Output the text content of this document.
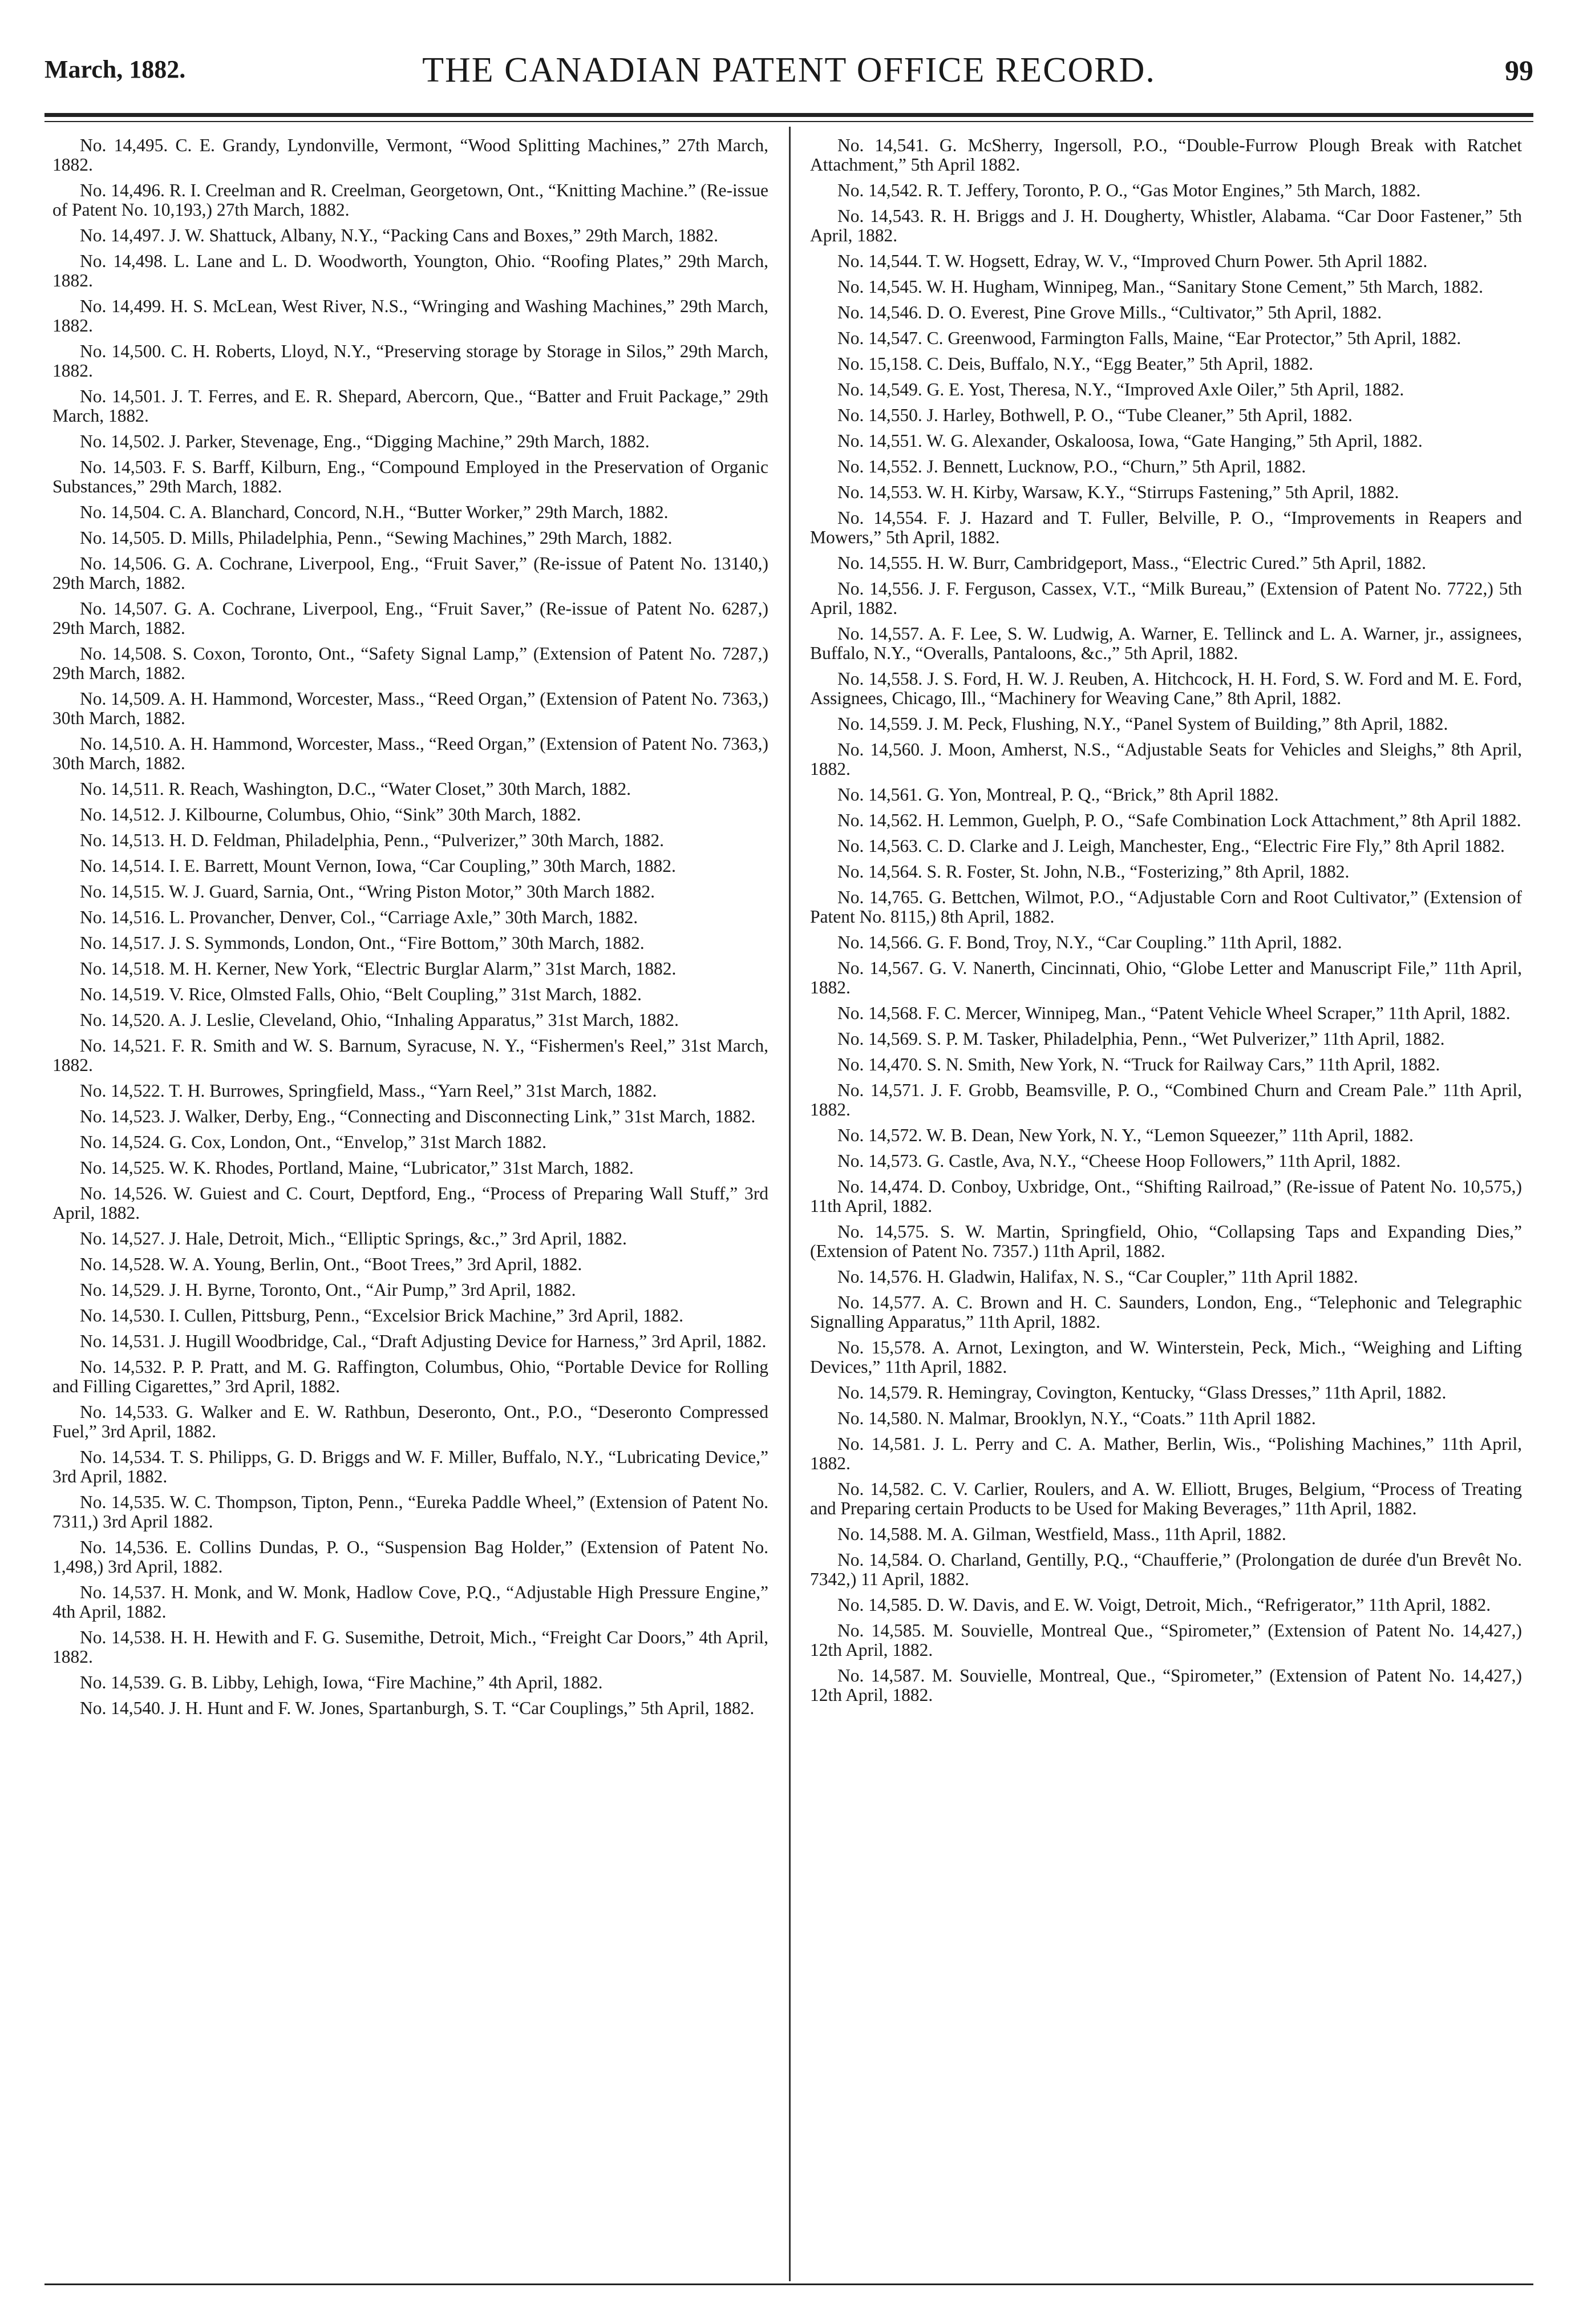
March, 1882.	THE CANADIAN PATENT OFFICE RECORD.	99

No. 14,495. C. E. Grandy, Lyndonville, Vermont, “Wood Splitting Machines,” 27th March, 1882.

No. 14,496. R. I. Creelman and R. Creelman, Georgetown, Ont., “Knitting Machine.” (Re-issue of Patent No. 10,193,) 27th March, 1882.

No. 14,497. J. W. Shattuck, Albany, N.Y., “Packing Cans and Boxes,” 29th March, 1882.

No. 14,498. L. Lane and L. D. Woodworth, Youngton, Ohio. “Roofing Plates,” 29th March, 1882.

No. 14,499. H. S. McLean, West River, N.S., “Wringing and Washing Machines,” 29th March, 1882.

No. 14,500. C. H. Roberts, Lloyd, N.Y., “Preserving storage by Storage in Silos,” 29th March, 1882.

No. 14,501. J. T. Ferres, and E. R. Shepard, Abercorn, Que., “Batter and Fruit Package,” 29th March, 1882.

No. 14,502. J. Parker, Stevenage, Eng., “Digging Machine,” 29th March, 1882.

No. 14,503. F. S. Barff, Kilburn, Eng., “Compound Employed in the Preservation of Organic Substances,” 29th March, 1882.

No. 14,504. C. A. Blanchard, Concord, N.H., “Butter Worker,” 29th March, 1882.

No. 14,505. D. Mills, Philadelphia, Penn., “Sewing Machines,” 29th March, 1882.

No. 14,506. G. A. Cochrane, Liverpool, Eng., “Fruit Saver,” (Re-issue of Patent No. 13140,) 29th March, 1882.

No. 14,507. G. A. Cochrane, Liverpool, Eng., “Fruit Saver,” (Re-issue of Patent No. 6287,) 29th March, 1882.

No. 14,508. S. Coxon, Toronto, Ont., “Safety Signal Lamp,” (Extension of Patent No. 7287,) 29th March, 1882.

No. 14,509. A. H. Hammond, Worcester, Mass., “Reed Organ,” (Extension of Patent No. 7363,) 30th March, 1882.

No. 14,510. A. H. Hammond, Worcester, Mass., “Reed Organ,” (Extension of Patent No. 7363,) 30th March, 1882.

No. 14,511. R. Reach, Washington, D.C., “Water Closet,” 30th March, 1882.

No. 14,512. J. Kilbourne, Columbus, Ohio, “Sink” 30th March, 1882.

No. 14,513. H. D. Feldman, Philadelphia, Penn., “Pulverizer,” 30th March, 1882.

No. 14,514. I. E. Barrett, Mount Vernon, Iowa, “Car Coupling,” 30th March, 1882.

No. 14,515. W. J. Guard, Sarnia, Ont., “Wring Piston Motor,” 30th March 1882.

No. 14,516. L. Provancher, Denver, Col., “Carriage Axle,” 30th March, 1882.

No. 14,517. J. S. Symmonds, London, Ont., “Fire Bottom,” 30th March, 1882.

No. 14,518. M. H. Kerner, New York, “Electric Burglar Alarm,” 31st March, 1882.

No. 14,519. V. Rice, Olmsted Falls, Ohio, “Belt Coupling,” 31st March, 1882.

No. 14,520. A. J. Leslie, Cleveland, Ohio, “Inhaling Apparatus,” 31st March, 1882.

No. 14,521. F. R. Smith and W. S. Barnum, Syracuse, N. Y., “Fishermen's Reel,” 31st March, 1882.

No. 14,522. T. H. Burrowes, Springfield, Mass., “Yarn Reel,” 31st March, 1882.

No. 14,523. J. Walker, Derby, Eng., “Connecting and Disconnecting Link,” 31st March, 1882.

No. 14,524. G. Cox, London, Ont., “Envelop,” 31st March 1882.

No. 14,525. W. K. Rhodes, Portland, Maine, “Lubricator,” 31st March, 1882.

No. 14,526. W. Guiest and C. Court, Deptford, Eng., “Process of Preparing Wall Stuff,” 3rd April, 1882.

No. 14,527. J. Hale, Detroit, Mich., “Elliptic Springs, &c.,” 3rd April, 1882.

No. 14,528. W. A. Young, Berlin, Ont., “Boot Trees,” 3rd April, 1882.

No. 14,529. J. H. Byrne, Toronto, Ont., “Air Pump,” 3rd April, 1882.

No. 14,530. I. Cullen, Pittsburg, Penn., “Excelsior Brick Machine,” 3rd April, 1882.

No. 14,531. J. Hugill Woodbridge, Cal., “Draft Adjusting Device for Harness,” 3rd April, 1882.

No. 14,532. P. P. Pratt, and M. G. Raffington, Columbus, Ohio, “Portable Device for Rolling and Filling Cigarettes,” 3rd April, 1882.

No. 14,533. G. Walker and E. W. Rathbun, Deseronto, Ont., P.O., “Deseronto Compressed Fuel,” 3rd April, 1882.

No. 14,534. T. S. Philipps, G. D. Briggs and W. F. Miller, Buffalo, N.Y., “Lubricating Device,” 3rd April, 1882.

No. 14,535. W. C. Thompson, Tipton, Penn., “Eureka Paddle Wheel,” (Extension of Patent No. 7311,) 3rd April 1882.

No. 14,536. E. Collins Dundas, P. O., “Suspension Bag Holder,” (Extension of Patent No. 1,498,) 3rd April, 1882.

No. 14,537. H. Monk, and W. Monk, Hadlow Cove, P.Q., “Adjustable High Pressure Engine,” 4th April, 1882.

No. 14,538. H. H. Hewith and F. G. Susemithe, Detroit, Mich., “Freight Car Doors,” 4th April, 1882.

No. 14,539. G. B. Libby, Lehigh, Iowa, “Fire Machine,” 4th April, 1882.

No. 14,540. J. H. Hunt and F. W. Jones, Spartanburgh, S. T. “Car Couplings,” 5th April, 1882.

No. 14,541. G. McSherry, Ingersoll, P.O., “Double-Furrow Plough Break with Ratchet Attachment,” 5th April 1882.

No. 14,542. R. T. Jeffery, Toronto, P. O., “Gas Motor Engines,” 5th March, 1882.

No. 14,543. R. H. Briggs and J. H. Dougherty, Whistler, Alabama. “Car Door Fastener,” 5th April, 1882.

No. 14,544. T. W. Hogsett, Edray, W. V., “Improved Churn Power. 5th April 1882.

No. 14,545. W. H. Hugham, Winnipeg, Man., “Sanitary Stone Cement,” 5th March, 1882.

No. 14,546. D. O. Everest, Pine Grove Mills., “Cultivator,” 5th April, 1882.

No. 14,547. C. Greenwood, Farmington Falls, Maine, “Ear Protector,” 5th April, 1882.

No. 15,158. C. Deis, Buffalo, N.Y., “Egg Beater,” 5th April, 1882.

No. 14,549. G. E. Yost, Theresa, N.Y., “Improved Axle Oiler,” 5th April, 1882.

No. 14,550. J. Harley, Bothwell, P. O., “Tube Cleaner,” 5th April, 1882.

No. 14,551. W. G. Alexander, Oskaloosa, Iowa, “Gate Hanging,” 5th April, 1882.

No. 14,552. J. Bennett, Lucknow, P.O., “Churn,” 5th April, 1882.

No. 14,553. W. H. Kirby, Warsaw, K.Y., “Stirrups Fastening,” 5th April, 1882.

No. 14,554. F. J. Hazard and T. Fuller, Belville, P. O., “Improvements in Reapers and Mowers,” 5th April, 1882.

No. 14,555. H. W. Burr, Cambridgeport, Mass., “Electric Cured.” 5th April, 1882.

No. 14,556. J. F. Ferguson, Cassex, V.T., “Milk Bureau,” (Extension of Patent No. 7722,) 5th April, 1882.

No. 14,557. A. F. Lee, S. W. Ludwig, A. Warner, E. Tellinck and L. A. Warner, jr., assignees, Buffalo, N.Y., “Overalls, Pantaloons, &c.,” 5th April, 1882.

No. 14,558. J. S. Ford, H. W. J. Reuben, A. Hitchcock, H. H. Ford, S. W. Ford and M. E. Ford, Assignees, Chicago, Ill., “Machinery for Weaving Cane,” 8th April, 1882.

No. 14,559. J. M. Peck, Flushing, N.Y., “Panel System of Building,” 8th April, 1882.

No. 14,560. J. Moon, Amherst, N.S., “Adjustable Seats for Vehicles and Sleighs,” 8th April, 1882.

No. 14,561. G. Yon, Montreal, P. Q., “Brick,” 8th April 1882.

No. 14,562. H. Lemmon, Guelph, P. O., “Safe Combination Lock Attachment,” 8th April 1882.

No. 14,563. C. D. Clarke and J. Leigh, Manchester, Eng., “Electric Fire Fly,” 8th April 1882.

No. 14,564. S. R. Foster, St. John, N.B., “Fosterizing,” 8th April, 1882.

No. 14,765. G. Bettchen, Wilmot, P.O., “Adjustable Corn and Root Cultivator,” (Extension of Patent No. 8115,) 8th April, 1882.

No. 14,566. G. F. Bond, Troy, N.Y., “Car Coupling.” 11th April, 1882.

No. 14,567. G. V. Nanerth, Cincinnati, Ohio, “Globe Letter and Manuscript File,” 11th April, 1882.

No. 14,568. F. C. Mercer, Winnipeg, Man., “Patent Vehicle Wheel Scraper,” 11th April, 1882.

No. 14,569. S. P. M. Tasker, Philadelphia, Penn., “Wet Pulverizer,” 11th April, 1882.

No. 14,470. S. N. Smith, New York, N. “Truck for Railway Cars,” 11th April, 1882.

No. 14,571. J. F. Grobb, Beamsville, P. O., “Combined Churn and Cream Pale.” 11th April, 1882.

No. 14,572. W. B. Dean, New York, N. Y., “Lemon Squeezer,” 11th April, 1882.

No. 14,573. G. Castle, Ava, N.Y., “Cheese Hoop Followers,” 11th April, 1882.

No. 14,474. D. Conboy, Uxbridge, Ont., “Shifting Railroad,” (Re-issue of Patent No. 10,575,) 11th April, 1882.

No. 14,575. S. W. Martin, Springfield, Ohio, “Collapsing Taps and Expanding Dies,” (Extension of Patent No. 7357.) 11th April, 1882.

No. 14,576. H. Gladwin, Halifax, N. S., “Car Coupler,” 11th April 1882.

No. 14,577. A. C. Brown and H. C. Saunders, London, Eng., “Telephonic and Telegraphic Signalling Apparatus,” 11th April, 1882.

No. 15,578. A. Arnot, Lexington, and W. Winterstein, Peck, Mich., “Weighing and Lifting Devices,” 11th April, 1882.

No. 14,579. R. Hemingray, Covington, Kentucky, “Glass Dresses,” 11th April, 1882.

No. 14,580. N. Malmar, Brooklyn, N.Y., “Coats.” 11th April 1882.

No. 14,581. J. L. Perry and C. A. Mather, Berlin, Wis., “Polishing Machines,” 11th April, 1882.

No. 14,582. C. V. Carlier, Roulers, and A. W. Elliott, Bruges, Belgium, “Process of Treating and Preparing certain Products to be Used for Making Beverages,” 11th April, 1882.

No. 14,588. M. A. Gilman, Westfield, Mass., 11th April, 1882.

No. 14,584. O. Charland, Gentilly, P.Q., “Chaufferie,” (Prolongation de durée d'un Brevêt No. 7342,) 11 April, 1882.

No. 14,585. D. W. Davis, and E. W. Voigt, Detroit, Mich., “Refrigerator,” 11th April, 1882.

No. 14,585. M. Souvielle, Montreal Que., “Spirometer,” (Extension of Patent No. 14,427,) 12th April, 1882.

No. 14,587. M. Souvielle, Montreal, Que., “Spirometer,” (Extension of Patent No. 14,427,) 12th April, 1882.
